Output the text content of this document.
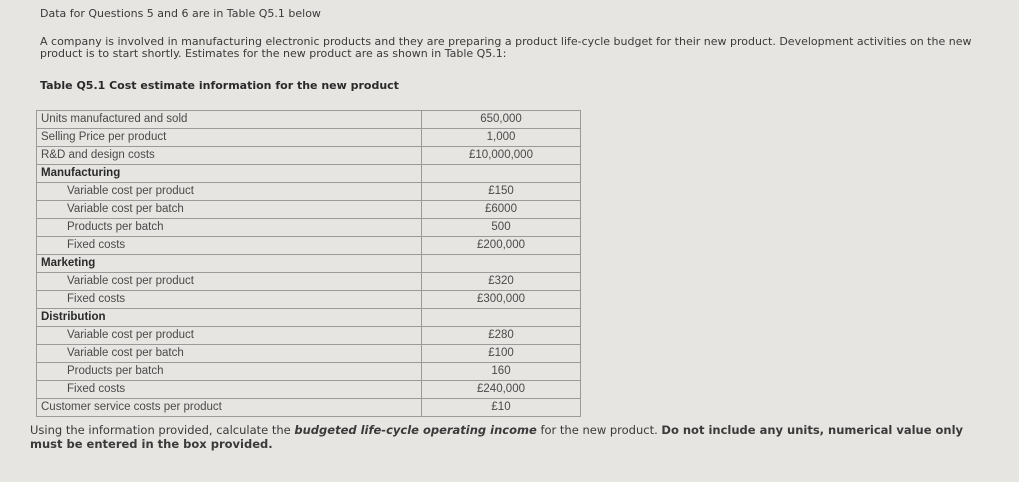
Data for Questions 5 and 6 are in Table Q5.1 below
A company is involved in manufacturing electronic products and they are preparing a product life-cycle budget for their new product. Development activities on the new product is to start shortly. Estimates for the new product are as shown in Table Q5.1:
Table Q5.1 Cost estimate information for the new product
Units manufactured and sold	650,000
Selling Price per product	1,000
R&D and design costs	£10,000,000
Manufacturing	
Variable cost per product	£150
Variable cost per batch	£6000
Products per batch	500
Fixed costs	£200,000
Marketing	
Variable cost per product	£320
Fixed costs	£300,000
Distribution	
Variable cost per product	£280
Variable cost per batch	£100
Products per batch	160
Fixed costs	£240,000
Customer service costs per product	£10
Using the information provided, calculate the budgeted life-cycle operating income for the new product. Do not include any units, numerical value only must be entered in the box provided.
